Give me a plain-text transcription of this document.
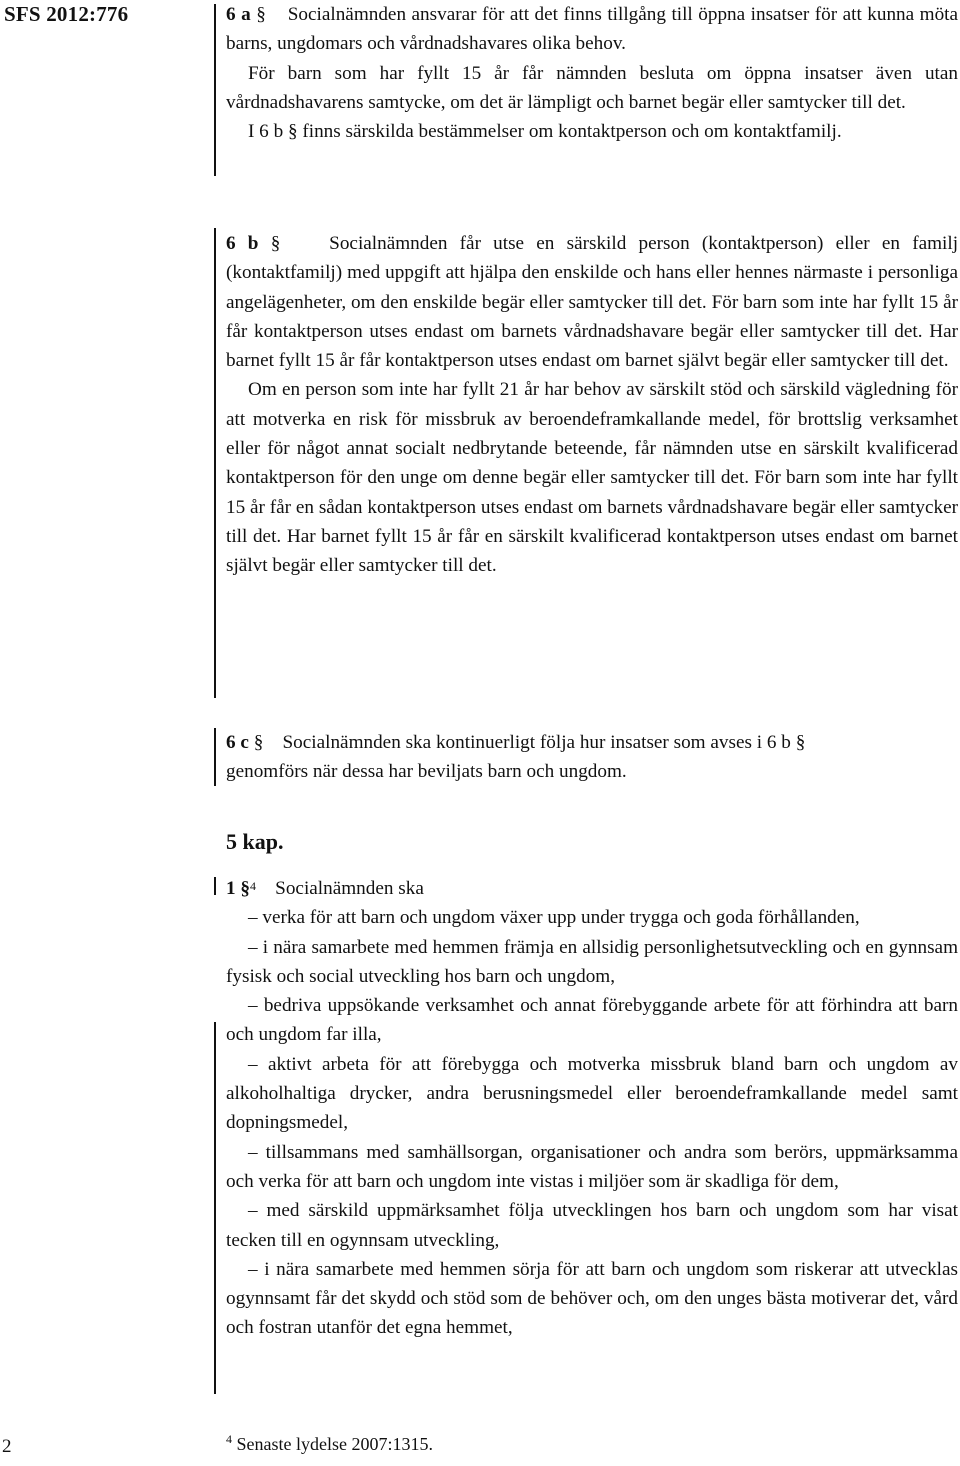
SFS 2012:776	6 a § Socialnämnden ansvarar för att det finns tillgång till öppna insatser för att kunna möta barns, ungdomars och vårdnadshavares olika behov.

För barn som har fyllt 15 år får nämnden besluta om öppna insatser även utan vårdnadshavarens samtycke, om det är lämpligt och barnet begär eller samtycker till det.

I 6 b § finns särskilda bestämmelser om kontaktperson och om kontaktfamilj.

6 b §	Socialnämnden får utse en särskild person (kontaktperson) eller en familj (kontaktfamilj) med uppgift att hjälpa den enskilde och hans eller hennes närmaste i personliga angelägenheter, om den enskilde begär eller samtycker till det. För barn som inte har fyllt 15 år får kontaktperson utses endast om barnets vårdnadshavare begär eller samtycker till det. Har barnet fyllt 15 år får kontaktperson utses endast om barnet självt begär eller samtycker till det.

Om en person som inte har fyllt 21 år har behov av särskilt stöd och särskild vägledning för att motverka en risk för missbruk av beroendeframkallande medel, för brottslig verksamhet eller för något annat socialt nedbrytande beteende, får nämnden utse en särskilt kvalificerad kontaktperson för den unge om denne begär eller samtycker till det. För barn som inte har fyllt 15 år får en sådan kontaktperson utses endast om barnets vårdnadshavare begär eller samtycker till det. Har barnet fyllt 15 år får en särskilt kvalificerad kontaktperson utses endast om barnet självt begär eller samtycker till det.

6 c § Socialnämnden ska kontinuerligt följa hur insatser som avses i 6 b §
genomförs när dessa har beviljats barn och ungdom.

5 kap.

1 §$^4$ Socialnämnden ska

– verka för att barn och ungdom växer upp under trygga och goda förhållanden,

– i nära samarbete med hemmen främja en allsidig personlighetsutveckling och en gynnsam fysisk och social utveckling hos barn och ungdom,

– bedriva uppsökande verksamhet och annat förebyggande arbete för att förhindra att barn och ungdom far illa,

– aktivt arbeta för att förebygga och motverka missbruk bland barn och ungdom av alkoholhaltiga drycker, andra berusningsmedel eller beroendeframkallande medel samt dopningsmedel,

– tillsammans med samhällsorgan, organisationer och andra som berörs, uppmärksamma och verka för att barn och ungdom inte vistas i miljöer som är skadliga för dem,

– med särskild uppmärksamhet följa utvecklingen hos barn och ungdom som har visat tecken till en ogynnsam utveckling,

– i nära samarbete med hemmen sörja för att barn och ungdom som riskerar att utvecklas ogynnsamt får det skydd och stöd som de behöver och, om den unges bästa motiverar det, vård och fostran utanför det egna hemmet,

2	$^4$ Senaste lydelse 2007:1315.
